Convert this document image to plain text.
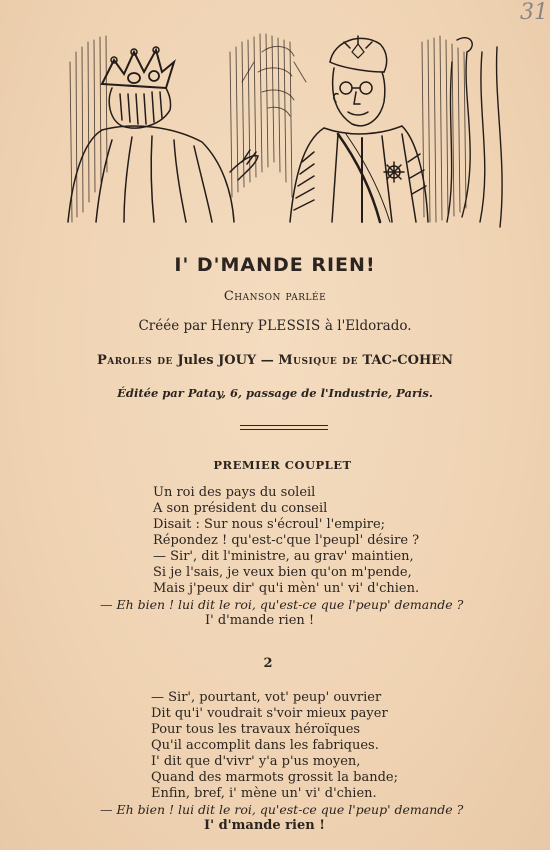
31
I' D'MANDE RIEN!
Chanson parlée
Créée par Henry PLESSIS à l'Eldorado.
Paroles de Jules JOUY — Musique de TAC-COHEN
Éditée par Patay, 6, passage de l'Industrie, Paris.
PREMIER COUPLET
Un roi des pays du soleil
A son président du conseil
Disait : Sur nous s'écroul' l'empire;
Répondez ! qu'est-c'que l'peupl' désire ?
— Sir', dit l'ministre, au grav' maintien,
Si je l'sais, je veux bien qu'on m'pende,
Mais j'peux dir' qu'i mèn' un' vi' d'chien.
— Eh bien ! lui dit le roi, qu'est-ce que l'peup' demande ?
I' d'mande rien !
2
— Sir', pourtant, vot' peup' ouvrier
Dit qu'i' voudrait s'voir mieux payer
Pour tous les travaux héroïques
Qu'il accomplit dans les fabriques.
I' dit que d'vivr' y'a p'us moyen,
Quand des marmots grossit la bande;
Enfin, bref, i' mène un' vi' d'chien.
— Eh bien ! lui dit le roi, qu'est-ce que l'peup' demande ?
I' d'mande rien !
